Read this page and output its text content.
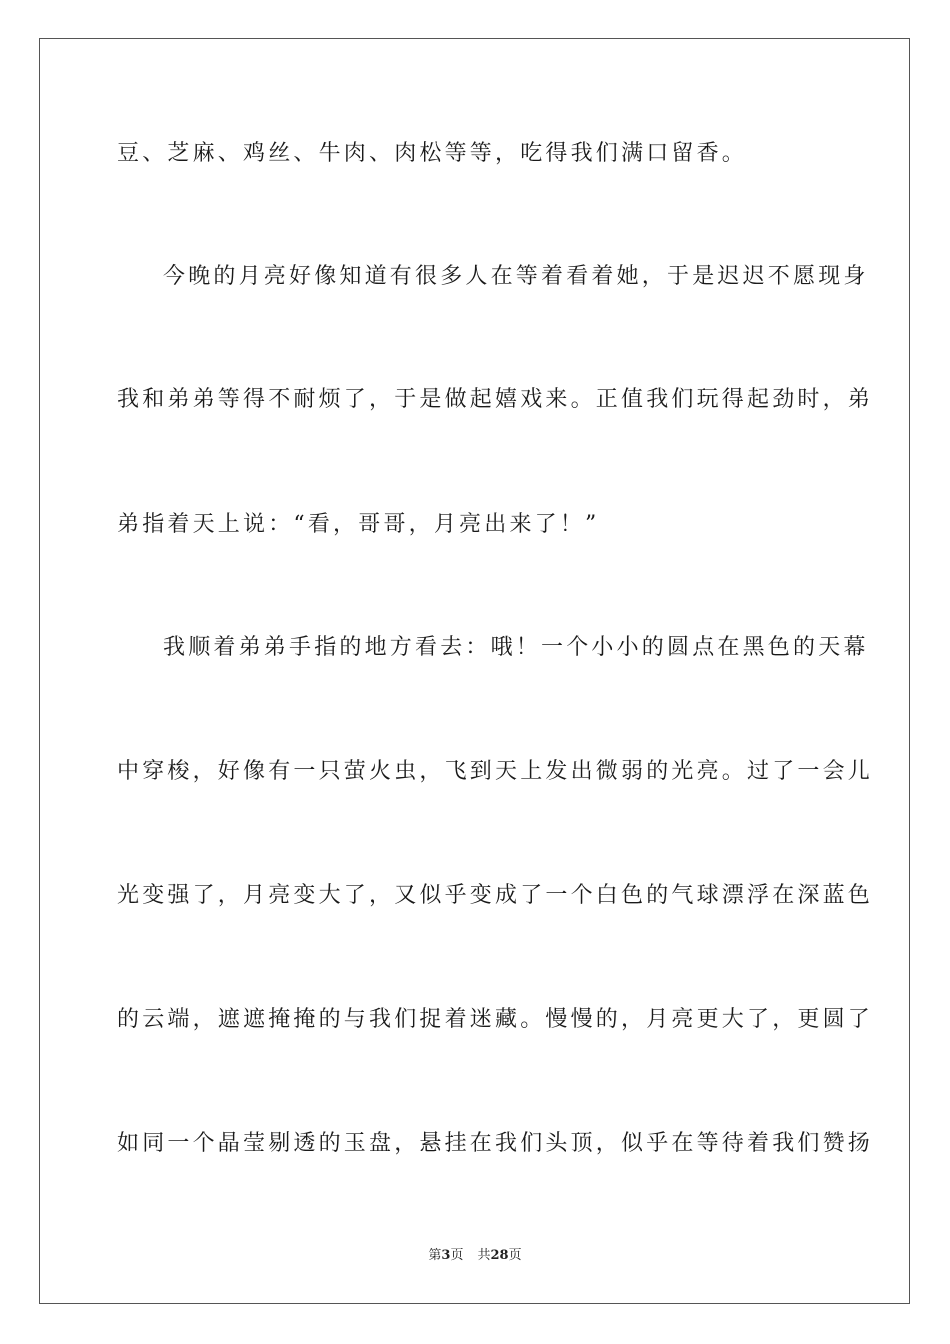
豆、芝麻、鸡丝、牛肉、肉松等等，吃得我们满口留香。
今晚的月亮好像知道有很多人在等着看着她，于是迟迟不愿现身
我和弟弟等得不耐烦了，于是做起嬉戏来。正值我们玩得起劲时，弟
弟指着天上说：“看，哥哥，月亮出来了！”
我顺着弟弟手指的地方看去：哦！一个小小的圆点在黑色的天幕
中穿梭，好像有一只萤火虫，飞到天上发出微弱的光亮。过了一会儿
光变强了，月亮变大了，又似乎变成了一个白色的气球漂浮在深蓝色
的云端，遮遮掩掩的与我们捉着迷藏。慢慢的，月亮更大了，更圆了
如同一个晶莹剔透的玉盘，悬挂在我们头顶，似乎在等待着我们赞扬
第3页 共28页
